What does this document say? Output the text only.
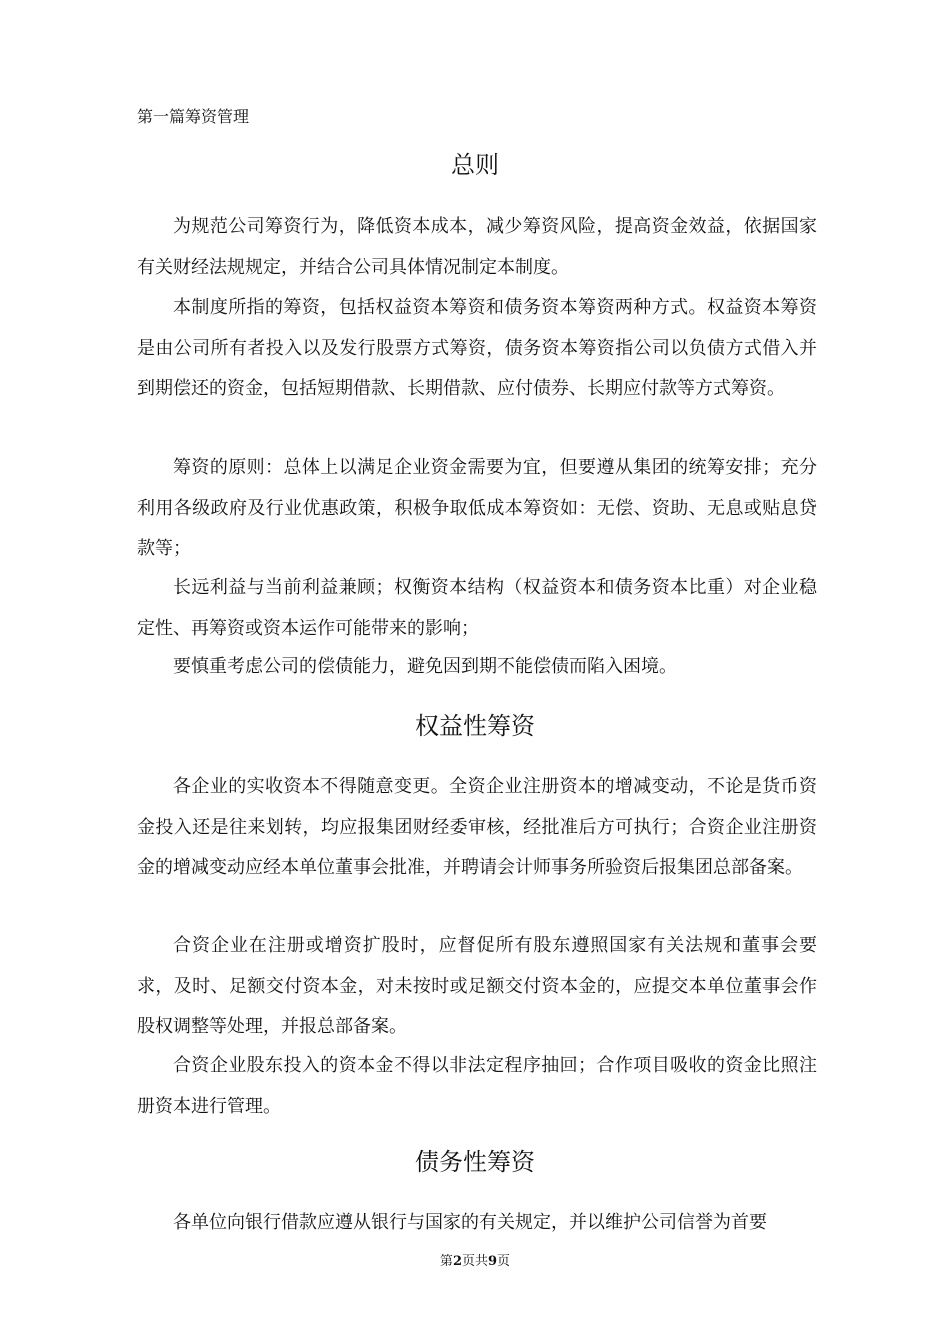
第一篇筹资管理
总则

为规范公司筹资行为，降低资本成本，减少筹资风险，提高资金效益，依据国家有关财经法规规定，并结合公司具体情况制定本制度。

本制度所指的筹资，包括权益资本筹资和债务资本筹资两种方式。权益资本筹资是由公司所有者投入以及发行股票方式筹资，债务资本筹资指公司以负债方式借入并到期偿还的资金，包括短期借款、长期借款、应付债券、长期应付款等方式筹资。

筹资的原则：总体上以满足企业资金需要为宜，但要遵从集团的统筹安排；充分利用各级政府及行业优惠政策，积极争取低成本筹资如：无偿、资助、无息或贴息贷款等；

长远利益与当前利益兼顾；权衡资本结构（权益资本和债务资本比重）对企业稳定性、再筹资或资本运作可能带来的影响；

要慎重考虑公司的偿债能力，避免因到期不能偿债而陷入困境。

权益性筹资

各企业的实收资本不得随意变更。全资企业注册资本的增减变动，不论是货币资金投入还是往来划转，均应报集团财经委审核，经批准后方可执行；合资企业注册资金的增减变动应经本单位董事会批准，并聘请会计师事务所验资后报集团总部备案。

合资企业在注册或增资扩股时，应督促所有股东遵照国家有关法规和董事会要求，及时、足额交付资本金，对未按时或足额交付资本金的，应提交本单位董事会作股权调整等处理，并报总部备案。

合资企业股东投入的资本金不得以非法定程序抽回；合作项目吸收的资金比照注册资本进行管理。

债务性筹资

各单位向银行借款应遵从银行与国家的有关规定，并以维护公司信誉为首要

第2页共9页
